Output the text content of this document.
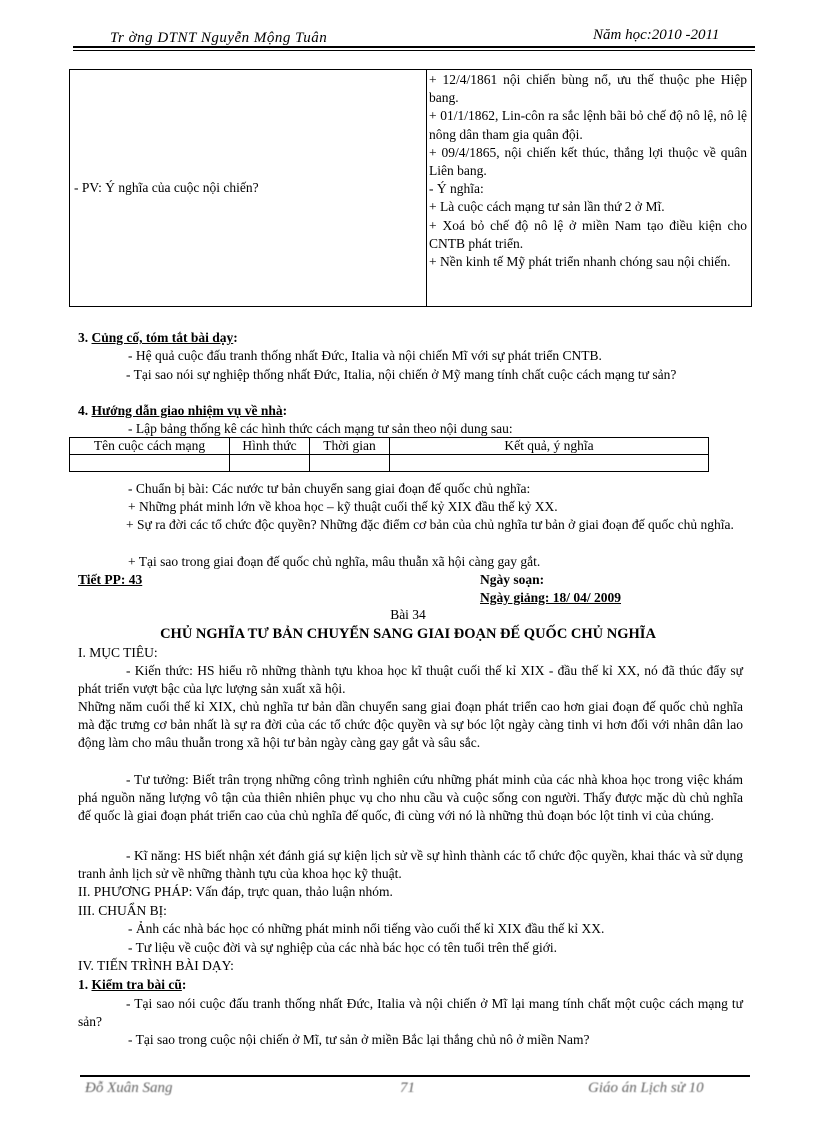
Tr ờng DTNT Nguyễn Mộng Tuân	Năm học:2010 -2011
- PV: Ý nghĩa của cuộc nội chiến?
+ 12/4/1861 nội chiến bùng nổ, ưu thế thuộc phe Hiệp bang.
+ 01/1/1862, Lin-côn ra sắc lệnh bãi bỏ chế độ nô lệ, nô lệ nông dân tham gia quân đội.
+ 09/4/1865, nội chiến kết thúc, thắng lợi thuộc về quân Liên bang.
- Ý nghĩa:
+ Là cuộc cách mạng tư sản lần thứ 2 ở Mĩ.
+ Xoá bỏ chế độ nô lệ ở miền Nam tạo điều kiện cho CNTB phát triển.
+ Nền kinh tế Mỹ phát triển nhanh chóng sau nội chiến.
3. Củng cố, tóm tắt bài dạy:
- Hệ quả cuộc đấu tranh thống nhất Đức, Italia và nội chiến Mĩ với sự phát triển CNTB.
- Tại sao nói sự nghiệp thống nhất Đức, Italia, nội chiến ở Mỹ mang tính chất cuộc cách mạng tư sản?
4. Hướng dẫn giao nhiệm vụ về nhà:
- Lập bảng thống kê các hình thức cách mạng tư sản theo nội dung sau:
Tên cuộc cách mạng	Hình thức	Thời gian	Kết quả, ý nghĩa

- Chuẩn bị bài: Các nước tư bản chuyển sang giai đoạn đế quốc chủ nghĩa:
+ Những phát minh lớn về khoa học – kỹ thuật cuối thế kỷ XIX đầu thế kỷ XX.
+ Sự ra đời các tổ chức độc quyền? Những đặc điểm cơ bản của chủ nghĩa tư bản ở giai đoạn đế quốc chủ nghĩa.
+ Tại sao trong giai đoạn đế quốc chủ nghĩa, mâu thuẫn xã hội càng gay gắt.
Tiết PP: 43	Ngày soạn:
Ngày giảng: 18/ 04/ 2009
Bài 34
CHỦ NGHĨA TƯ BẢN CHUYỂN SANG GIAI ĐOẠN ĐẾ QUỐC CHỦ NGHĨA
I. MỤC TIÊU:
- Kiến thức: HS hiểu rõ những thành tựu khoa học kĩ thuật cuối thế kỉ XIX - đầu thế kỉ XX, nó đã thúc đẩy sự phát triển vượt bậc của lực lượng sản xuất xã hội.
Những năm cuối thế kỉ XIX, chủ nghĩa tư bản dần chuyển sang giai đoạn phát triển cao hơn giai đoạn đế quốc chủ nghĩa mà đặc trưng cơ bản nhất là sự ra đời của các tổ chức độc quyền và sự bóc lột ngày càng tinh vi hơn đối với nhân dân lao động làm cho mâu thuẫn trong xã hội tư bản ngày càng gay gắt và sâu sắc.
- Tư tưởng: Biết trân trọng những công trình nghiên cứu những phát minh của các nhà khoa học trong việc khám phá nguồn năng lượng vô tận của thiên nhiên phục vụ cho nhu cầu và cuộc sống con người. Thấy được mặc dù chủ nghĩa đế quốc là giai đoạn phát triển cao của chủ nghĩa đế quốc, đi cùng với nó là những thủ đoạn bóc lột tinh vi của chúng.
- Kĩ năng: HS biết nhận xét đánh giá sự kiện lịch sử về sự hình thành các tổ chức độc quyền, khai thác và sử dụng tranh ảnh lịch sử về những thành tựu của khoa học kỹ thuật.
II. PHƯƠNG PHÁP: Vấn đáp, trực quan, thảo luận nhóm.
III. CHUẨN BỊ:
- Ảnh các nhà bác học có những phát minh nổi tiếng vào cuối thế kỉ XIX đầu thế kỉ XX.
- Tư liệu về cuộc đời và sự nghiệp của các nhà bác học có tên tuổi trên thế giới.
IV. TIẾN TRÌNH BÀI DẠY:
1. Kiểm tra bài cũ:
- Tại sao nói cuộc đấu tranh thống nhất Đức, Italia và nội chiến ở Mĩ lại mang tính chất một cuộc cách mạng tư sản?
- Tại sao trong cuộc nội chiến ở Mĩ, tư sản ở miền Bắc lại thắng chủ nô ở miền Nam?
Đỗ Xuân Sang	71	Giáo án Lịch sử 10
